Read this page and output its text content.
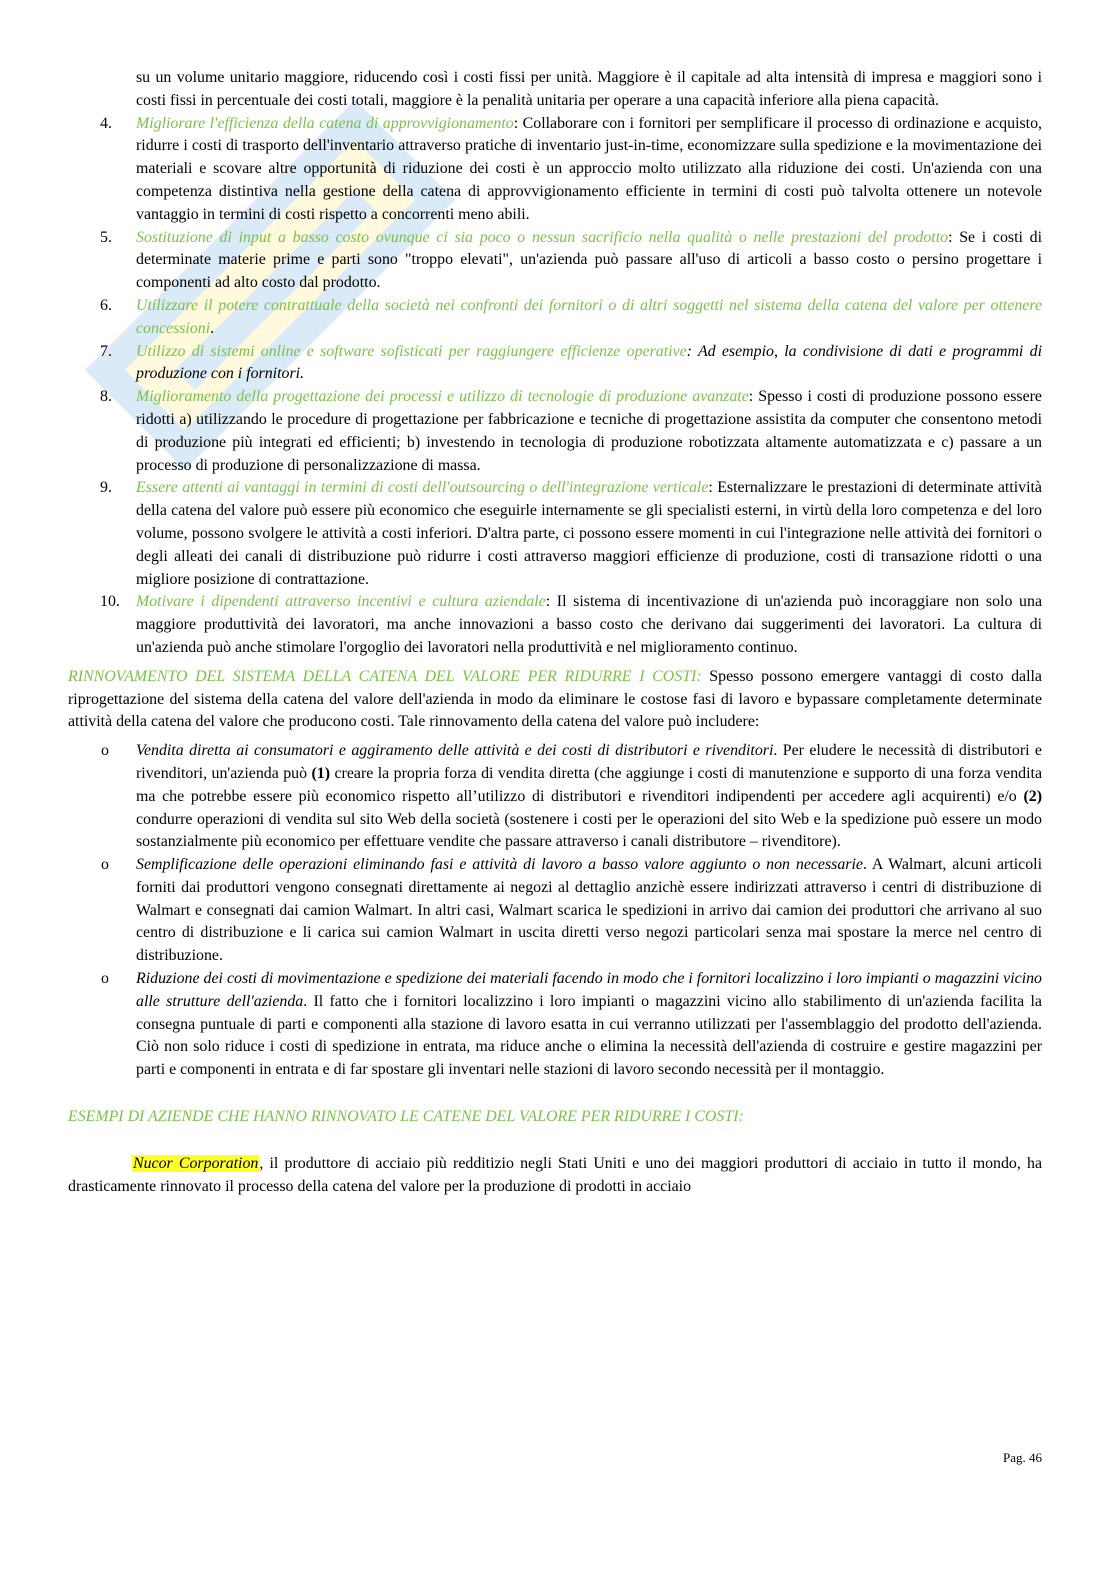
su un volume unitario maggiore, riducendo così i costi fissi per unità. Maggiore è il capitale ad alta intensità di impresa e maggiori sono i costi fissi in percentuale dei costi totali, maggiore è la penalità unitaria per operare a una capacità inferiore alla piena capacità.
4.	Migliorare l'efficienza della catena di approvvigionamento: Collaborare con i fornitori per semplificare il processo di ordinazione e acquisto, ridurre i costi di trasporto dell'inventario attraverso pratiche di inventario just-in-time, economizzare sulla spedizione e la movimentazione dei materiali e scovare altre opportunità di riduzione dei costi è un approccio molto utilizzato alla riduzione dei costi. Un'azienda con una competenza distintiva nella gestione della catena di approvvigionamento efficiente in termini di costi può talvolta ottenere un notevole vantaggio in termini di costi rispetto a concorrenti meno abili.
5.	Sostituzione di input a basso costo ovunque ci sia poco o nessun sacrificio nella qualità o nelle prestazioni del prodotto: Se i costi di determinate materie prime e parti sono "troppo elevati", un'azienda può passare all'uso di articoli a basso costo o persino progettare i componenti ad alto costo dal prodotto.
6.	Utilizzare il potere contrattuale della società nei confronti dei fornitori o di altri soggetti nel sistema della catena del valore per ottenere concessioni.
7.	Utilizzo di sistemi online e software sofisticati per raggiungere efficienze operative: Ad esempio, la condivisione di dati e programmi di produzione con i fornitori.
8.	Miglioramento della progettazione dei processi e utilizzo di tecnologie di produzione avanzate: Spesso i costi di produzione possono essere ridotti a) utilizzando le procedure di progettazione per fabbricazione e tecniche di progettazione assistita da computer che consentono metodi di produzione più integrati ed efficienti; b) investendo in tecnologia di produzione robotizzata altamente automatizzata e c) passare a un processo di produzione di personalizzazione di massa.
9.	Essere attenti ai vantaggi in termini di costi dell'outsourcing o dell'integrazione verticale: Esternalizzare le prestazioni di determinate attività della catena del valore può essere più economico che eseguirle internamente se gli specialisti esterni, in virtù della loro competenza e del loro volume, possono svolgere le attività a costi inferiori. D'altra parte, ci possono essere momenti in cui l'integrazione nelle attività dei fornitori o degli alleati dei canali di distribuzione può ridurre i costi attraverso maggiori efficienze di produzione, costi di transazione ridotti o una migliore posizione di contrattazione.
10.	Motivare i dipendenti attraverso incentivi e cultura aziendale: Il sistema di incentivazione di un'azienda può incoraggiare non solo una maggiore produttività dei lavoratori, ma anche innovazioni a basso costo che derivano dai suggerimenti dei lavoratori. La cultura di un'azienda può anche stimolare l'orgoglio dei lavoratori nella produttività e nel miglioramento continuo.

RINNOVAMENTO DEL SISTEMA DELLA CATENA DEL VALORE PER RIDURRE I COSTI: Spesso possono emergere vantaggi di costo dalla riprogettazione del sistema della catena del valore dell'azienda in modo da eliminare le costose fasi di lavoro e bypassare completamente determinate attività della catena del valore che producono costi. Tale rinnovamento della catena del valore può includere:

o Vendita diretta ai consumatori e aggiramento delle attività e dei costi di distributori e rivenditori. Per eludere le necessità di distributori e rivenditori, un'azienda può (1) creare la propria forza di vendita diretta (che aggiunge i costi di manutenzione e supporto di una forza vendita ma che potrebbe essere più economico rispetto all’utilizzo di distributori e rivenditori indipendenti per accedere agli acquirenti) e/o (2) condurre operazioni di vendita sul sito Web della società (sostenere i costi per le operazioni del sito Web e la spedizione può essere un modo sostanzialmente più economico per effettuare vendite che passare attraverso i canali distributore – rivenditore).
o Semplificazione delle operazioni eliminando fasi e attività di lavoro a basso valore aggiunto o non necessarie. A Walmart, alcuni articoli forniti dai produttori vengono consegnati direttamente ai negozi al dettaglio anzichè essere indirizzati attraverso i centri di distribuzione di Walmart e consegnati dai camion Walmart. In altri casi, Walmart scarica le spedizioni in arrivo dai camion dei produttori che arrivano al suo centro di distribuzione e li carica sui camion Walmart in uscita diretti verso negozi particolari senza mai spostare la merce nel centro di distribuzione.
o Riduzione dei costi di movimentazione e spedizione dei materiali facendo in modo che i fornitori localizzino i loro impianti o magazzini vicino alle strutture dell'azienda. Il fatto che i fornitori localizzino i loro impianti o magazzini vicino allo stabilimento di un'azienda facilita la consegna puntuale di parti e componenti alla stazione di lavoro esatta in cui verranno utilizzati per l'assemblaggio del prodotto dell'azienda. Ciò non solo riduce i costi di spedizione in entrata, ma riduce anche o elimina la necessità dell'azienda di costruire e gestire magazzini per parti e componenti in entrata e di far spostare gli inventari nelle stazioni di lavoro secondo necessità per il montaggio.

ESEMPI DI AZIENDE CHE HANNO RINNOVATO LE CATENE DEL VALORE PER RIDURRE I COSTI:

Nucor Corporation, il produttore di acciaio più redditizio negli Stati Uniti e uno dei maggiori produttori di acciaio in tutto il mondo, ha drasticamente rinnovato il processo della catena del valore per la produzione di prodotti in acciaio

Pag. 46
